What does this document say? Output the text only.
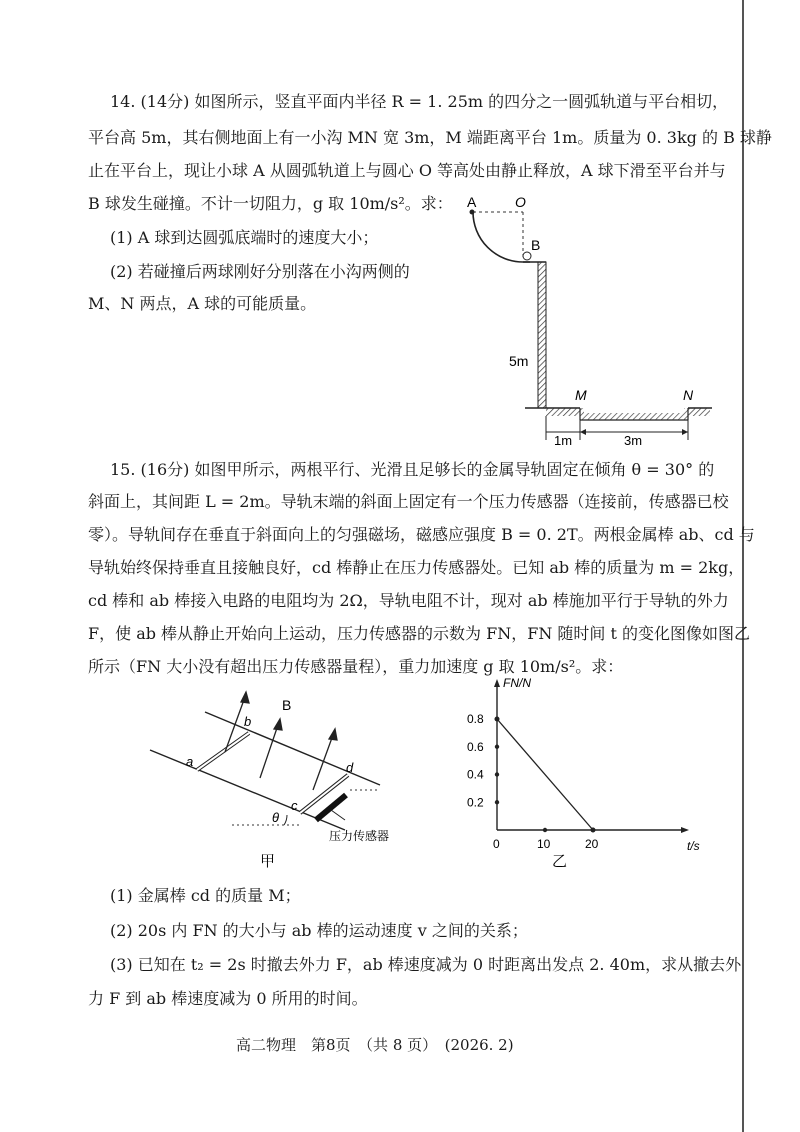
14. (14分) 如图所示，竖直平面内半径 R = 1. 25m 的四分之一圆弧轨道与平台相切，
平台高 5m，其右侧地面上有一小沟 MN 宽 3m，M 端距离平台 1m。质量为 0. 3kg 的 B 球静
止在平台上，现让小球 A 从圆弧轨道上与圆心 O 等高处由静止释放，A 球下滑至平台并与
B 球发生碰撞。不计一切阻力，g 取 10m/s²。求：
(1) A 球到达圆弧底端时的速度大小；
(2) 若碰撞后两球刚好分别落在小沟两侧的
M、N 两点，A 球的可能质量。
A	O
B
5m
M	N
1m	3m
15. (16分) 如图甲所示，两根平行、光滑且足够长的金属导轨固定在倾角 θ = 30° 的
斜面上，其间距 L = 2m。导轨末端的斜面上固定有一个压力传感器（连接前，传感器已校
零）。导轨间存在垂直于斜面向上的匀强磁场，磁感应强度 B = 0. 2T。两根金属棒 ab、cd 与
导轨始终保持垂直且接触良好，cd 棒静止在压力传感器处。已知 ab 棒的质量为 m = 2kg，
cd 棒和 ab 棒接入电路的电阻均为 2Ω，导轨电阻不计，现对 ab 棒施加平行于导轨的外力
F，使 ab 棒从静止开始向上运动，压力传感器的示数为 FN，FN 随时间 t 的变化图像如图乙
所示（FN 大小没有超出压力传感器量程），重力加速度 g 取 10m/s²。求：
B
a
b
c
d
θ
压力传感器
甲
0	10	20
0.2
0.4
0.6
0.8
t/s
FN/N
乙
(1) 金属棒 cd 的质量 M；
(2) 20s 内 FN 的大小与 ab 棒的运动速度 v 之间的关系；
(3) 已知在 t₂ = 2s 时撤去外力 F，ab 棒速度减为 0 时距离出发点 2. 40m，求从撤去外
力 F 到 ab 棒速度减为 0 所用的时间。
高二物理　第8页　（共 8 页）　(2026. 2)
